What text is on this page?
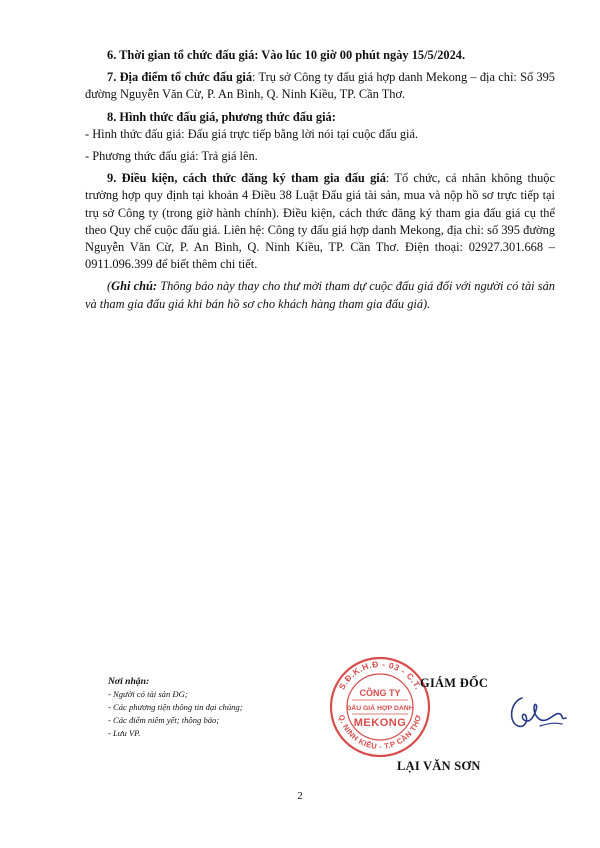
6. Thời gian tổ chức đấu giá: Vào lúc 10 giờ 00 phút ngày 15/5/2024.

7. Địa điểm tổ chức đấu giá: Trụ sở Công ty đấu giá hợp danh Mekong – địa chỉ: Số 395 đường Nguyễn Văn Cừ, P. An Bình, Q. Ninh Kiều, TP. Cần Thơ.

8. Hình thức đấu giá, phương thức đấu giá:

- Hình thức đấu giá: Đấu giá trực tiếp bằng lời nói tại cuộc đấu giá.

- Phương thức đấu giá: Trả giá lên.

9. Điều kiện, cách thức đăng ký tham gia đấu giá: Tổ chức, cá nhân không thuộc trường hợp quy định tại khoản 4 Điều 38 Luật Đấu giá tài sản, mua và nộp hồ sơ trực tiếp tại trụ sở Công ty (trong giờ hành chính). Điều kiện, cách thức đăng ký tham gia đấu giá cụ thể theo Quy chế cuộc đấu giá. Liên hệ: Công ty đấu giá hợp danh Mekong, địa chỉ: số 395 đường Nguyễn Văn Cừ, P. An Bình, Q. Ninh Kiều, TP. Cần Thơ. Điện thoại: 02927.301.668 – 0911.096.399 để biết thêm chi tiết.

(Ghi chú: Thông báo này thay cho thư mời tham dự cuộc đấu giá đối với người có tài sản và tham gia đấu giá khi bán hồ sơ cho khách hàng tham gia đấu giá).

Nơi nhận:
- Người có tài sản ĐG;
- Các phương tiện thông tin đại chúng;
- Các điểm niêm yết; thông báo;
- Lưu VP.
S.Đ.K.H.Đ - 03 - C.T.
Q. NINH KIỀU - T.P CẦN THƠ
CÔNG TY
ĐẤU GIÁ HỢP DANH
MEKONG
GIÁM ĐỐC
LẠI VĂN SƠN
2
